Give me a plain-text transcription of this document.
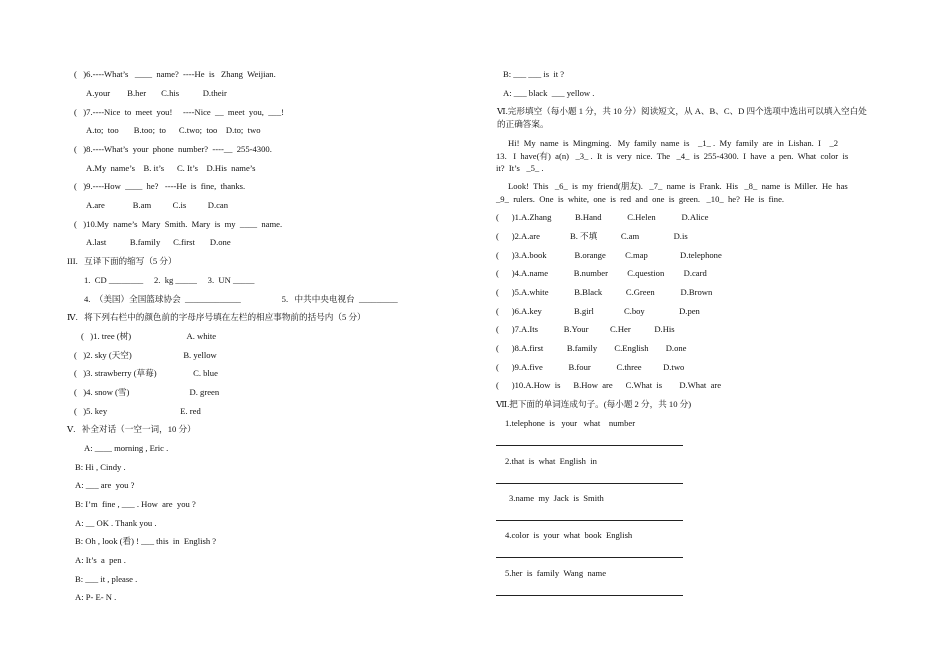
(   )6.----What’s   ____  name?  ----He  is   Zhang  Weijian.
A.your        B.her       C.his           D.their
(   )7.----Nice  to  meet  you!     ----Nice  __  meet  you,  ___!
A.to;  too       B.too;  to      C.two;  too    D.to;  two
(   )8.----What’s  your  phone  number?  ----__  255-4300.
A.My  name’s    B. it’s      C. It’s    D.His  name’s
(   )9.----How  ____  he?   ----He  is  fine,  thanks.
A.are             B.am          C.is          D.can
(   )10.My  name’s  Mary  Smith.  Mary  is  my  ____  name.
A.last           B.family      C.first       D.one
III.   互译下面的缩写（5 分）
1.  CD ________     2.  kg _____     3.  UN _____
4.  （美国）全国篮球协会  _____________                   5.   中共中央电视台  _________
Ⅳ.   将下列右栏中的颜色前的字母序号填在左栏的相应事物前的括号内（5 分）
(   )1. tree (树)                          A. white
(   )2. sky (天空)                        B. yellow
(   )3. strawberry (草莓)                 C. blue
(   )4. snow (雪)                            D. green
(   )5. key                                  E. red
Ⅴ.   补全对话（一空一词，10 分）
A: ____ morning , Eric .
B: Hi , Cindy .
A: ___ are  you ?
B: I’m  fine , ___ . How  are  you ?
A: __ OK . Thank you .
B: Oh , look (看) ! ___ this  in  English ?
A: It’s  a  pen .
B: ___ it , please .
A: P- E- N .
B: ___ ___ is  it ?
A: ___ black  ___ yellow .
Ⅵ.完形填空（每小题 1 分，共 10 分）阅读短文，从 A、B、C、D 四个选项中选出可以填入空白处
的正确答案。
Hi!  My  name  is  Mingming.   My  family  name  is    _1_ .  My  family  are  in  Lishan.  I    _2
13.   I  have(有)  a(n)   _3_ .  It  is  very  nice.  The   _4_  is  255-4300.  I  have  a  pen.  What  color  is
it?  It’s   _5_ .
Look!  This   _6_  is  my  friend(朋友).   _7_  name  is  Frank.  His   _8_  name  is  Miller.  He  has
_9_  rulers.  One  is  white,  one  is  red  and  one  is  green.   _10_  he?  He  is  fine.
(      )1.A.Zhang           B.Hand            C.Helen            D.Alice
(      )2.A.are              B. 不填           C.am                D.is
(      )3.A.book             B.orange         C.map               D.telephone
(      )4.A.name            B.number         C.question         D.card
(      )5.A.white            B.Black           C.Green            D.Brown
(      )6.A.key               B.girl              C.boy                D.pen
(      )7.A.Its            B.Your          C.Her           D.His
(      )8.A.first           B.family        C.English        D.one
(      )9.A.five            B.four            C.three          D.two
(      )10.A.How  is      B.How  are      C.What  is        D.What  are
Ⅶ.把下面的单词连成句子。(每小题 2 分，共 10 分)
1.telephone  is   your   what    number
2.that  is  what  English  in
3.name  my  Jack  is  Smith
4.color  is  your  what  book  English
5.her  is  family  Wang  name
